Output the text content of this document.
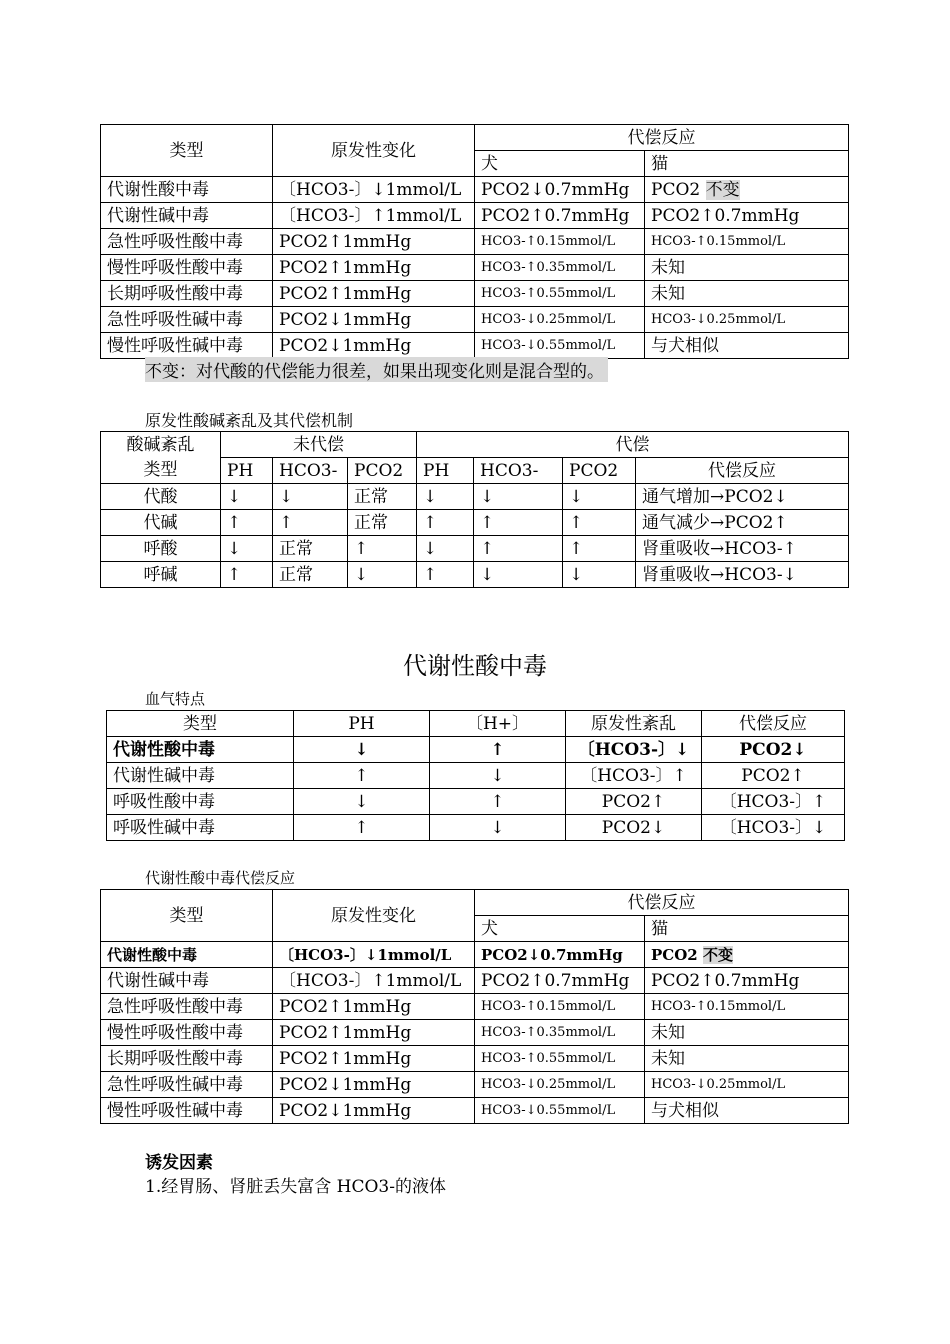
类型	原发性变化	代偿反应	
		犬	猫
代谢性酸中毒	〔HCO3-〕↓1mmol/L	PCO2↓0.7mmHg	PCO2 不变
代谢性碱中毒	〔HCO3-〕↑1mmol/L	PCO2↑0.7mmHg	PCO2↑0.7mmHg
急性呼吸性酸中毒	PCO2↑1mmHg	HCO3-↑0.15mmol/L	HCO3-↑0.15mmol/L
慢性呼吸性酸中毒	PCO2↑1mmHg	HCO3-↑0.35mmol/L	未知
长期呼吸性酸中毒	PCO2↑1mmHg	HCO3-↑0.55mmol/L	未知
急性呼吸性碱中毒	PCO2↓1mmHg	HCO3-↓0.25mmol/L	HCO3-↓0.25mmol/L
慢性呼吸性碱中毒	PCO2↓1mmHg	HCO3-↓0.55mmol/L	与犬相似
不变：对代酸的代偿能力很差，如果出现变化则是混合型的。
原发性酸碱紊乱及其代偿机制
酸碱紊乱	未代偿			代偿			
类型	PH	HCO3-	PCO2	PH	HCO3-	PCO2	代偿反应
代酸	↓	↓	正常	↓	↓	↓	通气增加→PCO2↓
代碱	↑	↑	正常	↑	↑	↑	通气减少→PCO2↑
呼酸	↓	正常	↑	↓	↑	↑	肾重吸收→HCO3-↑
呼碱	↑	正常	↓	↑	↓	↓	肾重吸收→HCO3-↓
代谢性酸中毒
血气特点
类型	PH	〔H+〕	原发性紊乱	代偿反应
代谢性酸中毒	↓	↑	〔HCO3-〕↓	PCO2↓
代谢性碱中毒	↑	↓	〔HCO3-〕↑	PCO2↑
呼吸性酸中毒	↓	↑	PCO2↑	〔HCO3-〕↑
呼吸性碱中毒	↑	↓	PCO2↓	〔HCO3-〕↓
代谢性酸中毒代偿反应
类型	原发性变化	代偿反应	
		犬	猫
代谢性酸中毒	〔HCO3-〕↓1mmol/L	PCO2↓0.7mmHg	PCO2 不变
代谢性碱中毒	〔HCO3-〕↑1mmol/L	PCO2↑0.7mmHg	PCO2↑0.7mmHg
急性呼吸性酸中毒	PCO2↑1mmHg	HCO3-↑0.15mmol/L	HCO3-↑0.15mmol/L
慢性呼吸性酸中毒	PCO2↑1mmHg	HCO3-↑0.35mmol/L	未知
长期呼吸性酸中毒	PCO2↑1mmHg	HCO3-↑0.55mmol/L	未知
急性呼吸性碱中毒	PCO2↓1mmHg	HCO3-↓0.25mmol/L	HCO3-↓0.25mmol/L
慢性呼吸性碱中毒	PCO2↓1mmHg	HCO3-↓0.55mmol/L	与犬相似
诱发因素
1.经胃肠、肾脏丢失富含 HCO3-的液体
